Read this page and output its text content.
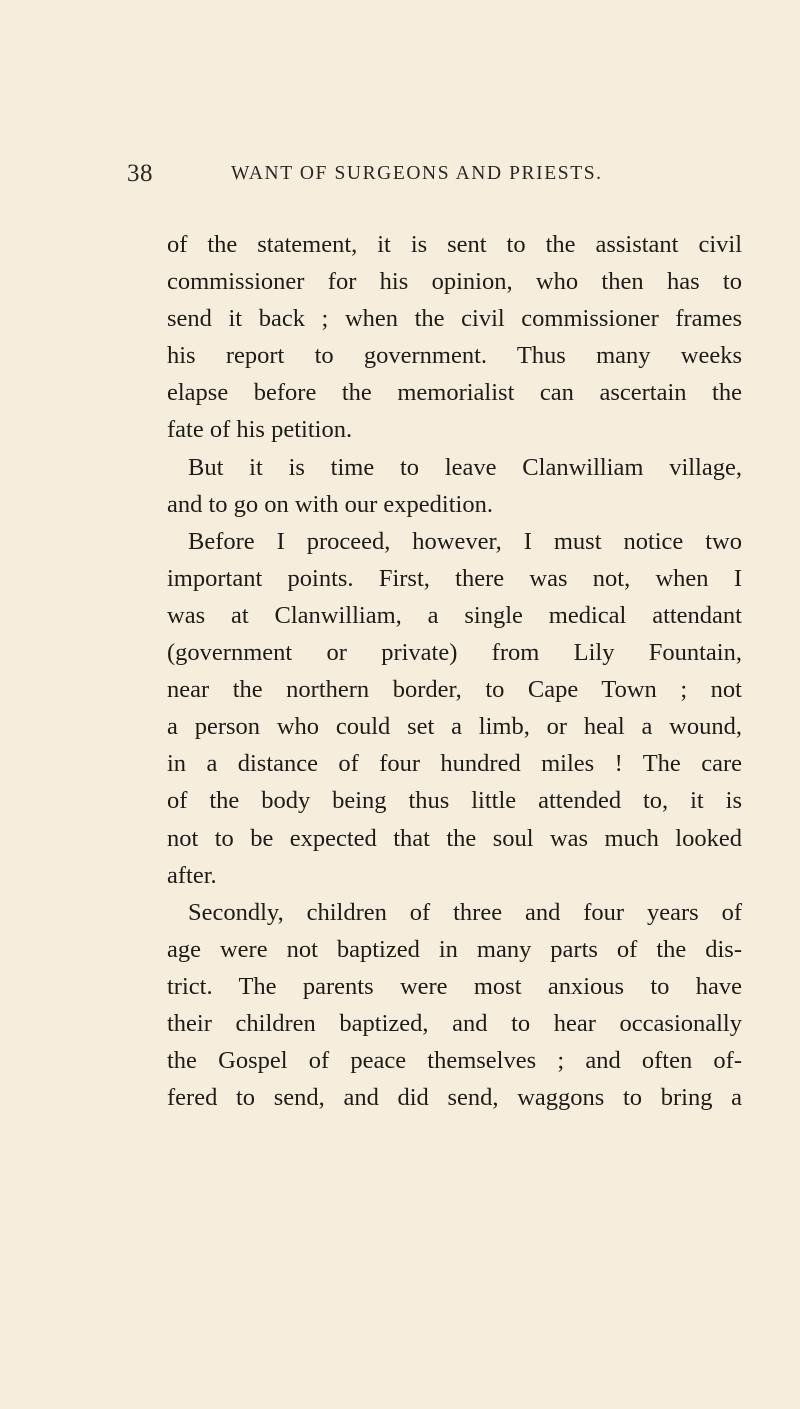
38	WANT OF SURGEONS AND PRIESTS.
of the statement, it is sent to the assistant civil
commissioner for his opinion, who then has to
send it back ; when the civil commissioner frames
his report to government. Thus many weeks
elapse before the memorialist can ascertain the
fate of his petition.
But it is time to leave Clanwilliam village,
and to go on with our expedition.
Before I proceed, however, I must notice two
important points. First, there was not, when I
was at Clanwilliam, a single medical attendant
(government or private) from Lily Fountain,
near the northern border, to Cape Town ; not
a person who could set a limb, or heal a wound,
in a distance of four hundred miles ! The care
of the body being thus little attended to, it is
not to be expected that the soul was much looked
after.
Secondly, children of three and four years of
age were not baptized in many parts of the dis-
trict. The parents were most anxious to have
their children baptized, and to hear occasionally
the Gospel of peace themselves ; and often of-
fered to send, and did send, waggons to bring a
